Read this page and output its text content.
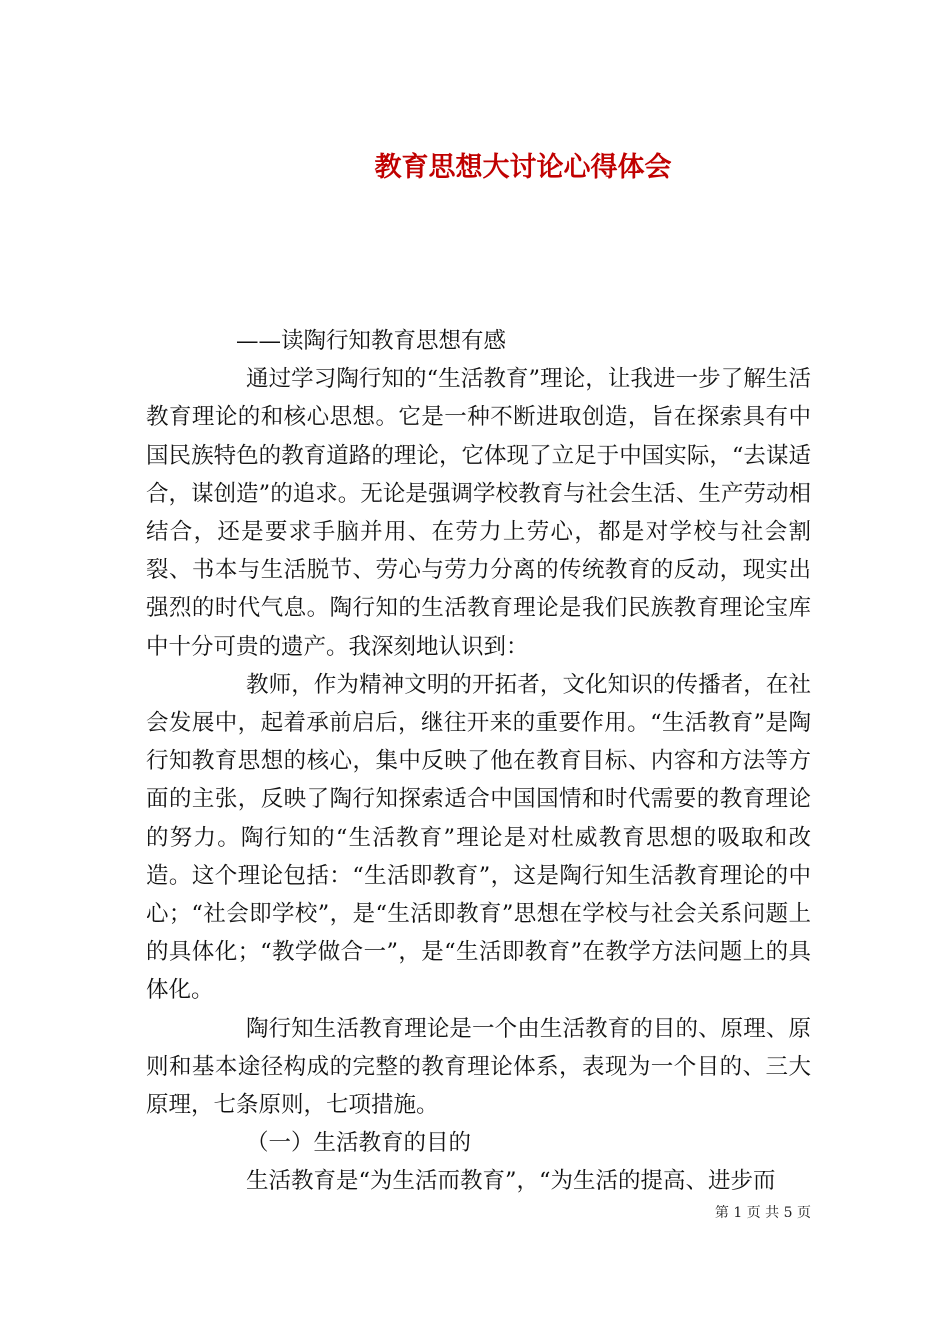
教育思想大讨论心得体会

——读陶行知教育思想有感

通过学习陶行知的“生活教育”理论，让我进一步了解生活教育理论的和核心思想。它是一种不断进取创造，旨在探索具有中国民族特色的教育道路的理论，它体现了立足于中国实际，“去谋适合，谋创造”的追求。无论是强调学校教育与社会生活、生产劳动相结合，还是要求手脑并用、在劳力上劳心，都是对学校与社会割裂、书本与生活脱节、劳心与劳力分离的传统教育的反动，现实出强烈的时代气息。陶行知的生活教育理论是我们民族教育理论宝库中十分可贵的遗产。我深刻地认识到：

教师，作为精神文明的开拓者，文化知识的传播者，在社会发展中，起着承前启后，继往开来的重要作用。“生活教育”是陶行知教育思想的核心，集中反映了他在教育目标、内容和方法等方面的主张，反映了陶行知探索适合中国国情和时代需要的教育理论的努力。陶行知的“生活教育”理论是对杜威教育思想的吸取和改造。这个理论包括：“生活即教育”，这是陶行知生活教育理论的中心；“社会即学校”，是“生活即教育”思想在学校与社会关系问题上的具体化；“教学做合一”，是“生活即教育”在教学方法问题上的具体化。

陶行知生活教育理论是一个由生活教育的目的、原理、原则和基本途径构成的完整的教育理论体系，表现为一个目的、三大原理，七条原则，七项措施。

（一）生活教育的目的

生活教育是“为生活而教育”，“为生活的提高、进步而

第 1 页 共 5 页
